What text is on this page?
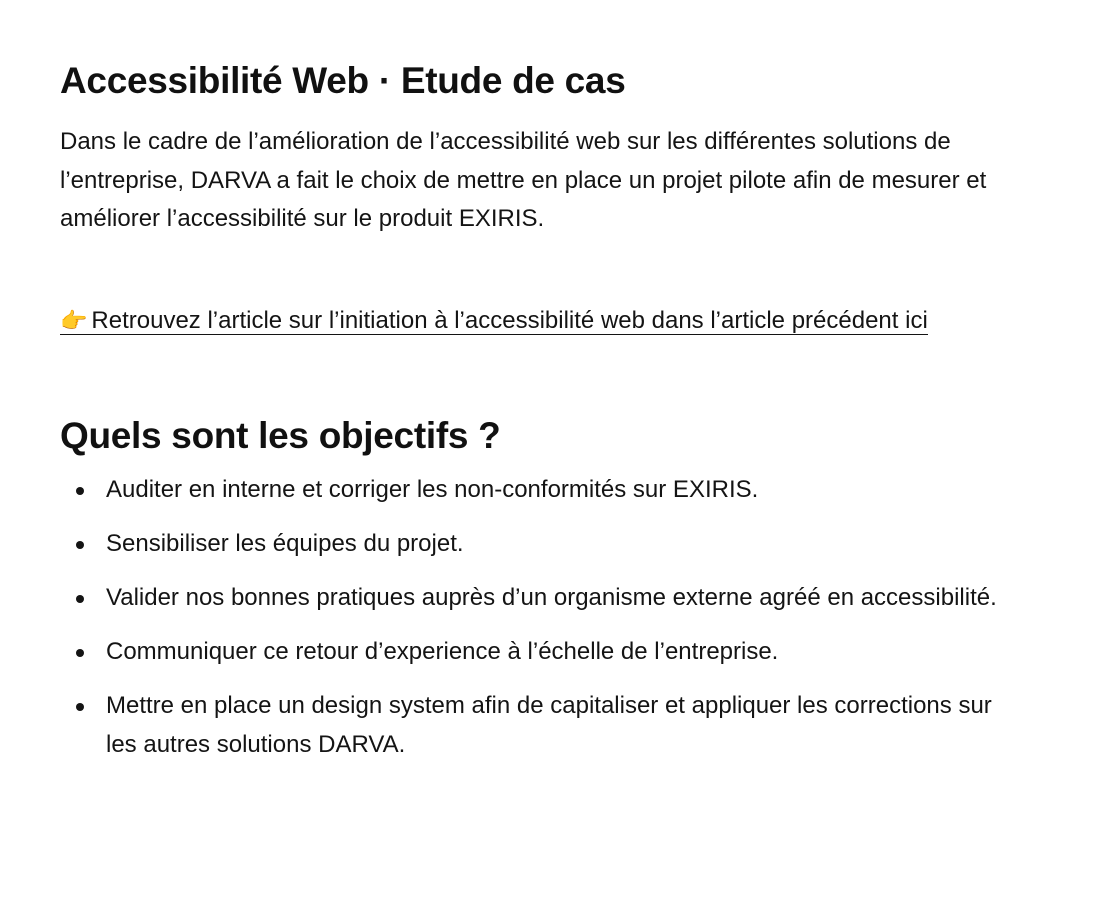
Accessibilité Web · Etude de cas

Dans le cadre de l’amélioration de l’accessibilité web sur les différentes solutions de l’entreprise, DARVA a fait le choix de mettre en place un projet pilote afin de mesurer et améliorer l’accessibilité sur le produit EXIRIS.

👉 Retrouvez l’article sur l’initiation à l’accessibilité web dans l’article précédent ici

Quels sont les objectifs ?
Auditer en interne et corriger les non-conformités sur EXIRIS.
Sensibiliser les équipes du projet.
Valider nos bonnes pratiques auprès d’un organisme externe agréé en accessibilité.
Communiquer ce retour d’experience à l’échelle de l’entreprise.
Mettre en place un design system afin de capitaliser et appliquer les corrections sur les autres solutions DARVA.
